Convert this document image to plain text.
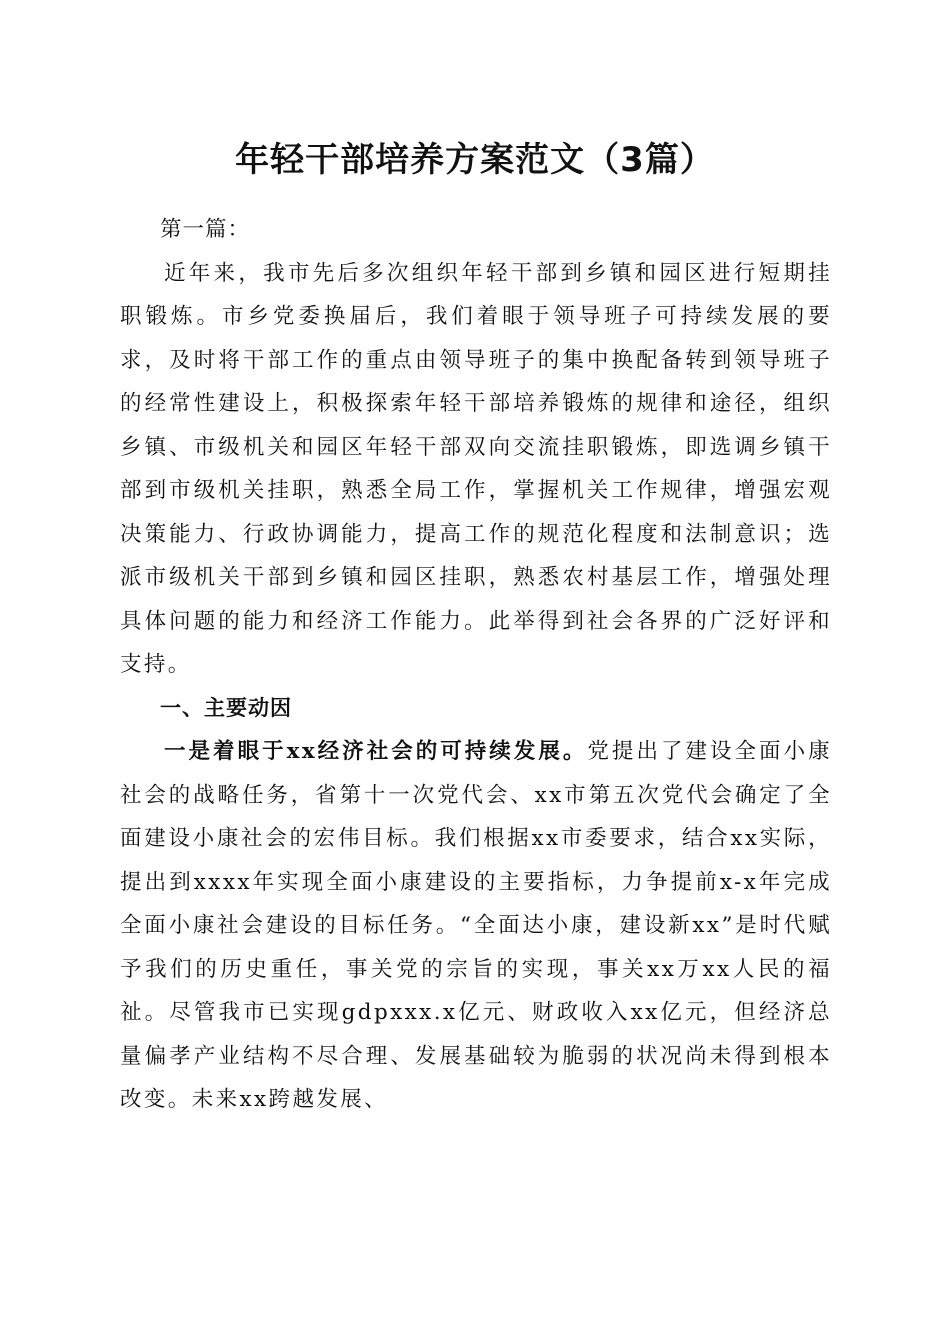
年轻干部培养方案范文（3篇）

第一篇：

近年来，我市先后多次组织年轻干部到乡镇和园区进行短期挂职锻炼。市乡党委换届后，我们着眼于领导班子可持续发展的要求，及时将干部工作的重点由领导班子的集中换配备转到领导班子的经常性建设上，积极探索年轻干部培养锻炼的规律和途径，组织乡镇、市级机关和园区年轻干部双向交流挂职锻炼，即选调乡镇干部到市级机关挂职，熟悉全局工作，掌握机关工作规律，增强宏观决策能力、行政协调能力，提高工作的规范化程度和法制意识；选派市级机关干部到乡镇和园区挂职，熟悉农村基层工作，增强处理具体问题的能力和经济工作能力。此举得到社会各界的广泛好评和支持。

一、主要动因

一是着眼于xx经济社会的可持续发展。党提出了建设全面小康社会的战略任务，省第十一次党代会、xx市第五次党代会确定了全面建设小康社会的宏伟目标。我们根据xx市委要求，结合xx实际，提出到xxxx年实现全面小康建设的主要指标，力争提前x-x年完成全面小康社会建设的目标任务。“全面达小康，建设新xx”是时代赋予我们的历史重任，事关党的宗旨的实现，事关xx万xx人民的福祉。尽管我市已实现gdpxxx.x亿元、财政收入xx亿元，但经济总量偏孝产业结构不尽合理、发展基础较为脆弱的状况尚未得到根本改变。未来xx跨越发展、
